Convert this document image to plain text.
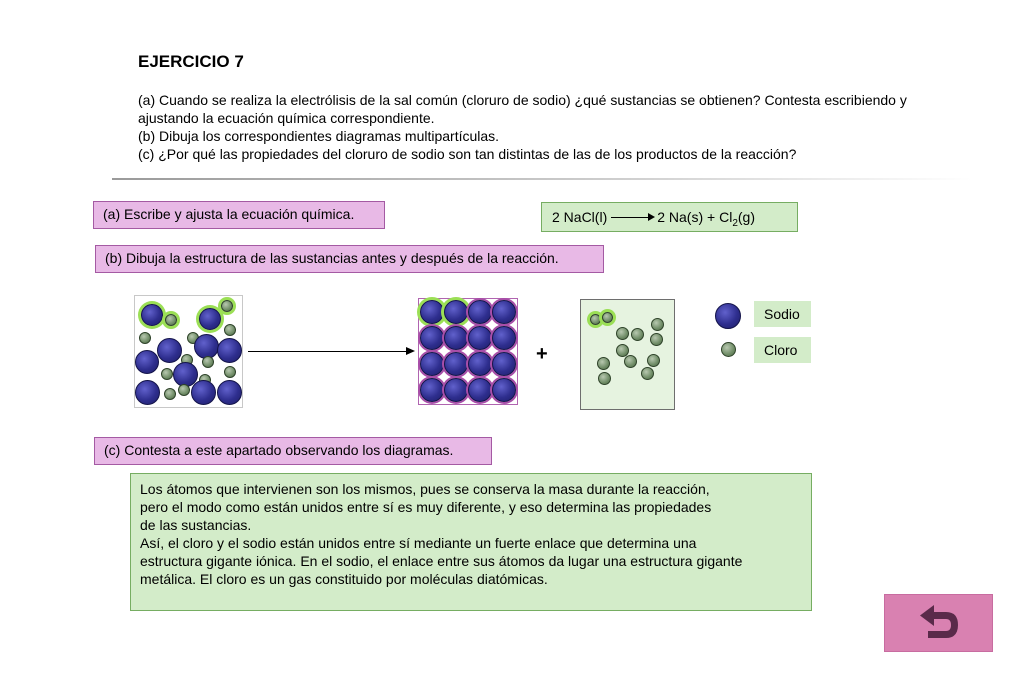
EJERCICIO 7
(a) Cuando se realiza la electrólisis de la sal común (cloruro de sodio) ¿qué sustancias se obtienen? Contesta escribiendo y
ajustando la ecuación química correspondiente.
(b) Dibuja los correspondientes diagramas multipartículas.
(c) ¿Por qué las propiedades del cloruro de sodio son tan distintas de las de los productos de la reacción?
(a) Escribe y ajusta la ecuación química.	2 NaCl(l)	2 $Na(s) + Cl_2(g)$
(b) Dibuja la estructura de las sustancias antes y después de la reacción.
+
Sodio
Cloro
(c) Contesta a este apartado observando los diagramas.
Los átomos que intervienen son los mismos, pues se conserva la masa durante la reacción,
pero el modo como están unidos entre sí es muy diferente, y eso determina las propiedades
de las sustancias.
Así, el cloro y el sodio están unidos entre sí mediante un fuerte enlace que determina una
estructura gigante iónica. En el sodio, el enlace entre sus átomos da lugar una estructura gigante
metálica. El cloro es un gas constituido por moléculas diatómicas.
